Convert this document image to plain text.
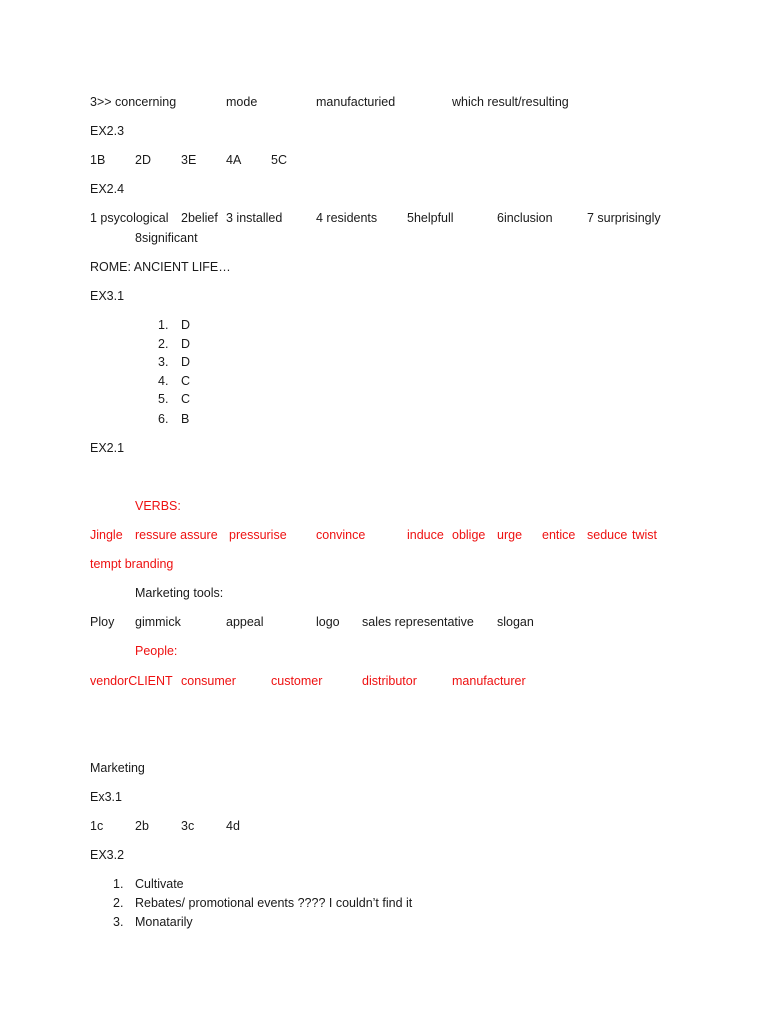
3>> concerning	mode	manufacturied	which result/resulting
EX2.3
1B 2D 3E 4A 5C
EX2.4
1 psycological 2belief 3 installed	4 residents 5helpfull	6inclusion	7 surprisingly
8significant
ROME: ANCIENT LIFE…
EX3.1
1. D
2. D
3. D
4. C
5. C
6. B
EX2.1
VERBS:
Jingle ressure assure pressurise convince	induce oblige urge entice seduce twist
tempt branding
Marketing tools:
Ploy gimmick	appeal	logo sales representative slogan
People:
vendorCLIENT consumer	customer	distributor	manufacturer
Marketing
Ex3.1
1c	2b	3c	4d
EX3.2
1. Cultivate
2. Rebates/ promotional events ???? I couldn’t find it
3. Monatarily
